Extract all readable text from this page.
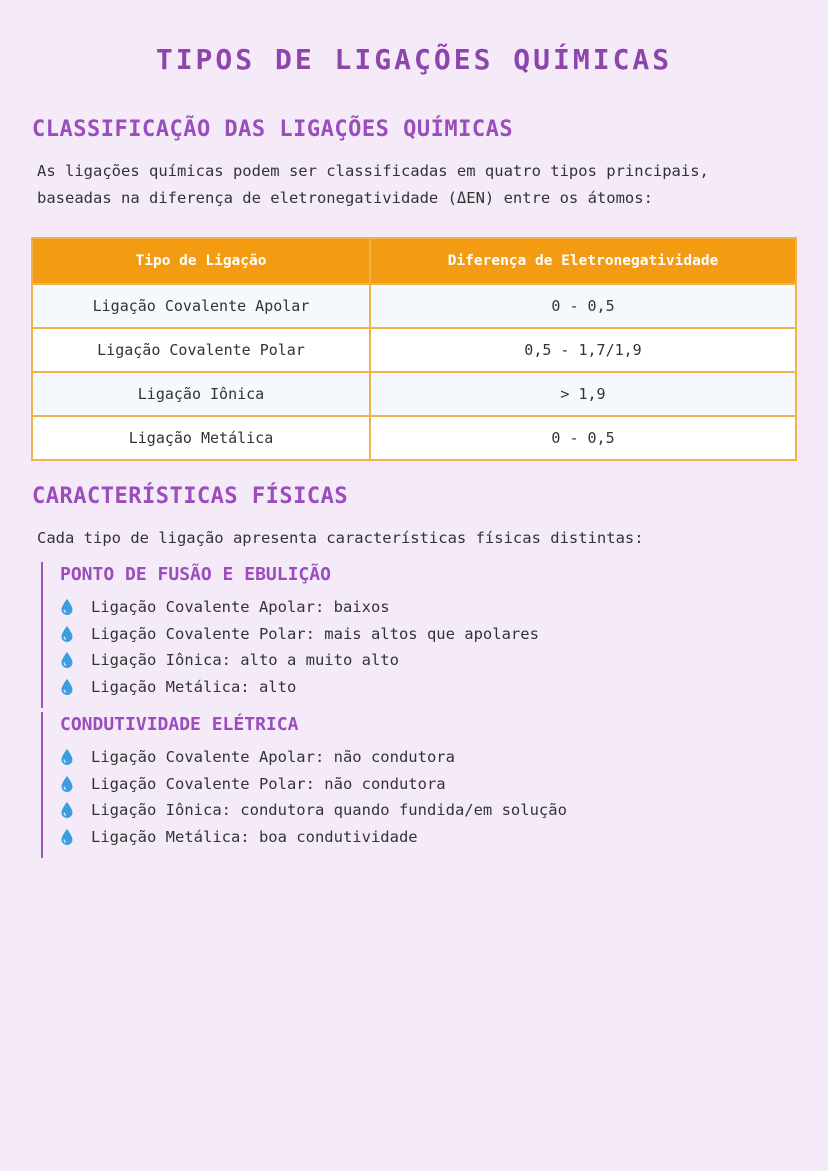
TIPOS DE LIGAÇÕES QUÍMICAS
CLASSIFICAÇÃO DAS LIGAÇÕES QUÍMICAS

As ligações químicas podem ser classificadas em quatro tipos principais,
baseadas na diferença de eletronegatividade (ΔEN) entre os átomos:

Tipo de Ligação	Diferença de Eletronegatividade
Ligação Covalente Apolar	0 - 0,5
Ligação Covalente Polar	0,5 - 1,7/1,9
Ligação Iônica	> 1,9
Ligação Metálica	0 - 0,5
CARACTERÍSTICAS FÍSICAS

Cada tipo de ligação apresenta características físicas distintas:

PONTO DE FUSÃO E EBULIÇÃO
Ligação Covalente Apolar: baixos
Ligação Covalente Polar: mais altos que apolares
Ligação Iônica: alto a muito alto
Ligação Metálica: alto
CONDUTIVIDADE ELÉTRICA
Ligação Covalente Apolar: não condutora
Ligação Covalente Polar: não condutora
Ligação Iônica: condutora quando fundida/em solução
Ligação Metálica: boa condutividade
